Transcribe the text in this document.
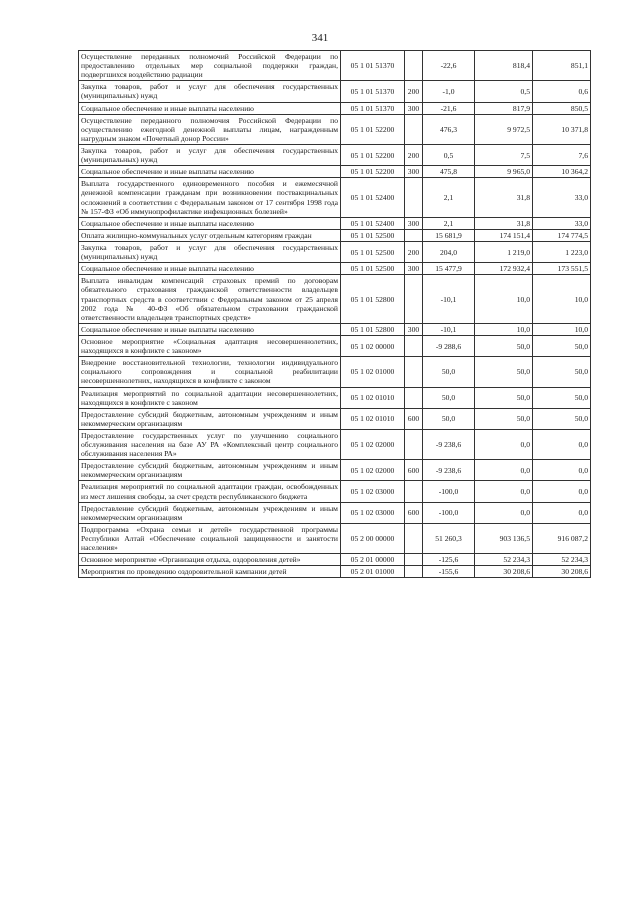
341
Осуществление переданных полномочий Российской Федерации по предоставлению отдельных мер социальной поддержки граждан, подвергшихся воздействию радиации	05 1 01 51370		-22,6	818,4	851,1
Закупка товаров, работ и услуг для обеспечения государственных (муниципальных) нужд	05 1 01 51370	200	-1,0	0,5	0,6
Социальное обеспечение и иные выплаты населению	05 1 01 51370	300	-21,6	817,9	850,5
Осуществление переданного полномочия Российской Федерации по осуществлению ежегодной денежной выплаты лицам, награжденным нагрудным знаком «Почетный донор России»	05 1 01 52200		476,3	9 972,5	10 371,8
Закупка товаров, работ и услуг для обеспечения государственных (муниципальных) нужд	05 1 01 52200	200	0,5	7,5	7,6
Социальное обеспечение и иные выплаты населению	05 1 01 52200	300	475,8	9 965,0	10 364,2
Выплата государственного единовременного пособия и ежемесячной денежной компенсации гражданам при возникновении поствакцинальных осложнений в соответствии с Федеральным законом от 17 сентября 1998 года № 157-ФЗ «Об иммунопрофилактике инфекционных болезней»	05 1 01 52400		2,1	31,8	33,0
Социальное обеспечение и иные выплаты населению	05 1 01 52400	300	2,1	31,8	33,0
Оплата жилищно-коммунальных услуг отдельным категориям граждан	05 1 01 52500		15 681,9	174 151,4	174 774,5
Закупка товаров, работ и услуг для обеспечения государственных (муниципальных) нужд	05 1 01 52500	200	204,0	1 219,0	1 223,0
Социальное обеспечение и иные выплаты населению	05 1 01 52500	300	15 477,9	172 932,4	173 551,5
Выплата инвалидам компенсаций страховых премий по договорам обязательного страхования гражданской ответственности владельцев транспортных средств в соответствии с Федеральным законом от 25 апреля 2002 года № 40-ФЗ «Об обязательном страховании гражданской ответственности владельцев транспортных средств»	05 1 01 52800		-10,1	10,0	10,0
Социальное обеспечение и иные выплаты населению	05 1 01 52800	300	-10,1	10,0	10,0
Основное мероприятие «Социальная адаптация несовершеннолетних, находящихся в конфликте с законом»	05 1 02 00000		-9 288,6	50,0	50,0
Внедрение восстановительной технологии, технологии индивидуального социального сопровождения и социальной реабилитации несовершеннолетних, находящихся в конфликте с законом	05 1 02 01000		50,0	50,0	50,0
Реализация мероприятий по социальной адаптации несовершеннолетних, находящихся в конфликте с законом	05 1 02 01010		50,0	50,0	50,0
Предоставление субсидий бюджетным, автономным учреждениям и иным некоммерческим организациям	05 1 02 01010	600	50,0	50,0	50,0
Предоставление государственных услуг по улучшению социального обслуживания населения на базе АУ РА «Комплексный центр социального обслуживания населения РА»	05 1 02 02000		-9 238,6	0,0	0,0
Предоставление субсидий бюджетным, автономным учреждениям и иным некоммерческим организациям	05 1 02 02000	600	-9 238,6	0,0	0,0
Реализация мероприятий по социальной адаптации граждан, освобожденных из мест лишения свободы, за счет средств республиканского бюджета	05 1 02 03000		-100,0	0,0	0,0
Предоставление субсидий бюджетным, автономным учреждениям и иным некоммерческим организациям	05 1 02 03000	600	-100,0	0,0	0,0
Подпрограмма «Охрана семьи и детей» государственной программы Республики Алтай «Обеспечение социальной защищенности и занятости населения»	05 2 00 00000		51 260,3	903 136,5	916 087,2
Основное мероприятие «Организация отдыха, оздоровления детей»	05 2 01 00000		-125,6	52 234,3	52 234,3
Мероприятия по проведению оздоровительной кампании детей	05 2 01 01000		-155,6	30 208,6	30 208,6
